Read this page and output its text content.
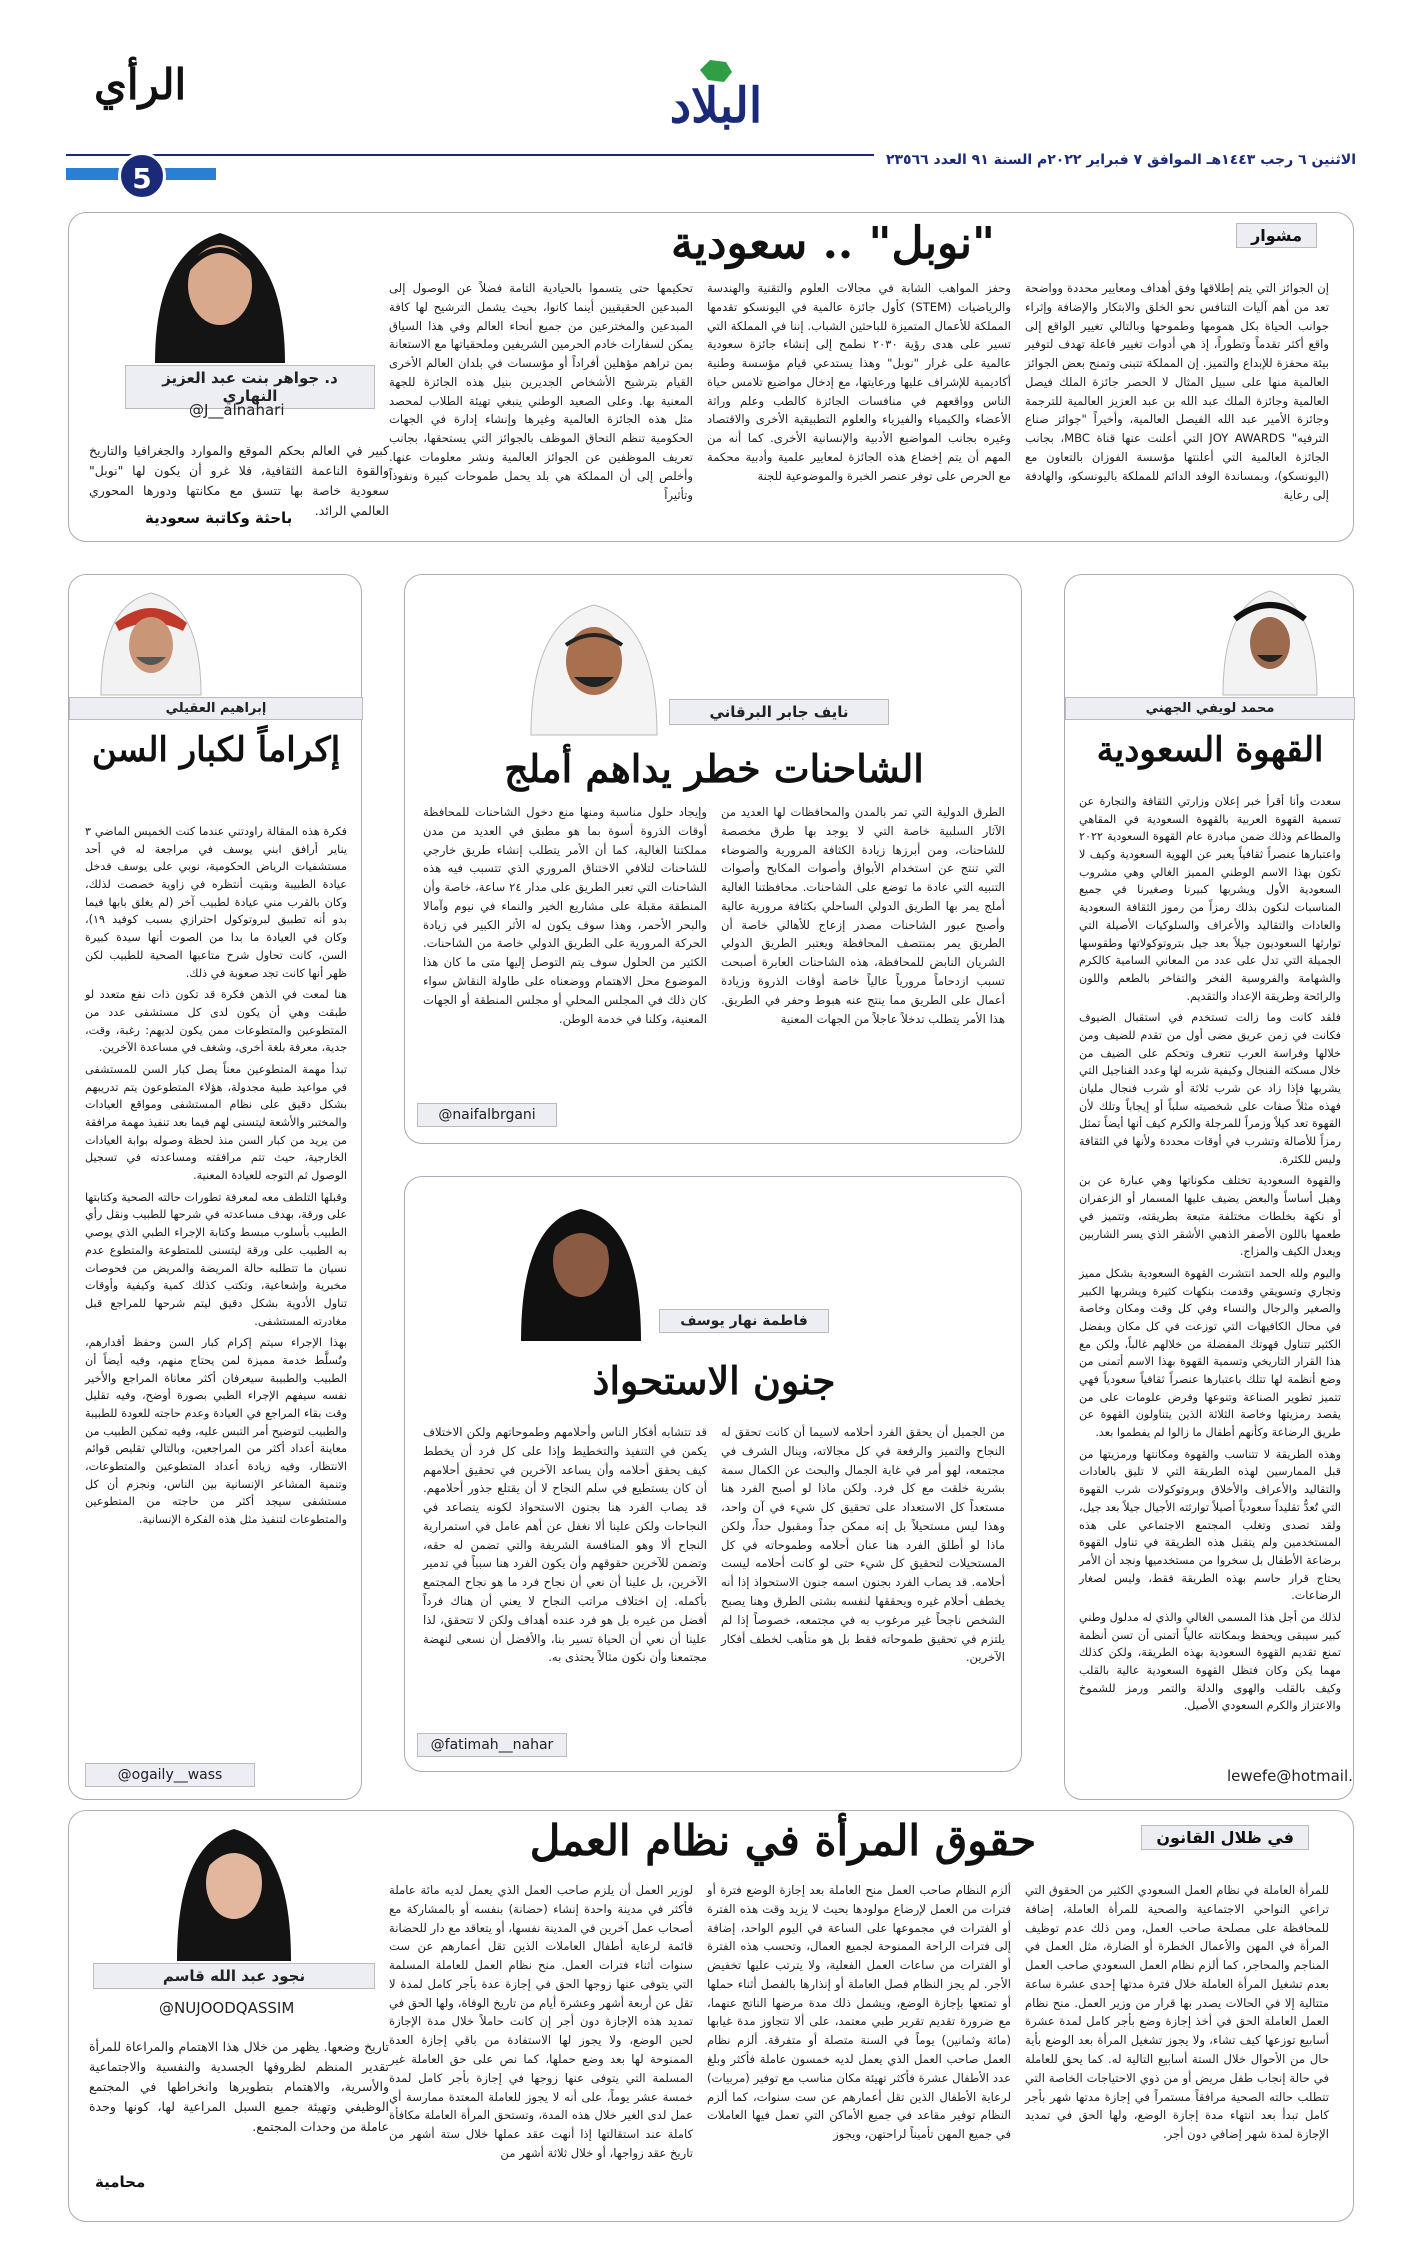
الاثنين ٦ رجب ١٤٤٣هـ الموافق ٧ فبراير ٢٠٢٢م السنة ٩١ العدد ٢٣٥٦٦
البلاد
الرأي
5
مشوار
"نوبل" .. سعودية
إن الجوائز التي يتم إطلاقها وفق أهداف ومعايير محددة وواضحة تعد من أهم آليات التنافس نحو الخلق والابتكار والإضافة وإثراء جوانب الحياة بكل همومها وطموحها وبالتالي تغيير الواقع إلى واقع أكثر تقدماً وتطوراً، إذ هي أدوات تغيير فاعلة تهدف لتوفير بيئة محفزة للإبداع والتميز. إن المملكة تتبنى وتمنح بعض الجوائز العالمية منها على سبيل المثال لا الحصر جائزة الملك فيصل العالمية وجائزة الملك عبد الله بن عبد العزيز العالمية للترجمة وجائزة الأمير عبد الله الفيصل العالمية، وأخيراً "جوائز صناع الترفيه" JOY AWARDS التي أعلنت عنها قناة MBC، بجانب الجائزة العالمية التي أعلنتها مؤسسة الفوزان بالتعاون مع (اليونسكو)، وبمساندة الوفد الدائم للمملكة باليونسكو، والهادفة إلى رعاية
وحفز المواهب الشابة في مجالات العلوم والتقنية والهندسة والرياضيات (STEM) كأول جائزة عالمية في اليونسكو تقدمها المملكة للأعمال المتميزة للباحثين الشباب. إننا في المملكة التي تسير على هدى رؤية ٢٠٣٠ نطمح إلى إنشاء جائزة سعودية عالمية على غرار "نوبل" وهذا يستدعي قيام مؤسسة وطنية أكاديمية للإشراف عليها ورعايتها، مع إدخال مواضيع تلامس حياة الناس وواقعهم في منافسات الجائزة كالطب وعلم وراثة الأعضاء والكيمياء والفيزياء والعلوم التطبيقية الأخرى والاقتصاد وغيره بجانب المواضيع الأدبية والإنسانية الأخرى. كما أنه من المهم أن يتم إخضاع هذه الجائزة لمعايير علمية وأدبية محكمة مع الحرص على توفر عنصر الخبرة والموضوعية للجنة
تحكيمها حتى يتسموا بالحيادية التامة فضلاً عن الوصول إلى المبدعين الحقيقيين أينما كانوا، بحيث يشمل الترشيح لها كافة المبدعين والمخترعين من جميع أنحاء العالم وفي هذا السياق يمكن لسفارات خادم الحرمين الشريفين وملحقياتها مع الاستعانة بمن تراهم مؤهلين أفراداً أو مؤسسات في بلدان العالم الأخرى القيام بترشيح الأشخاص الجديرين بنيل هذه الجائزة للجهة المعنية بها. وعلى الصعيد الوطني ينبغي تهيئة الطلاب لمحصد مثل هذه الجائزة العالمية وغيرها وإنشاء إدارة في الجهات الحكومية تنظم التحاق الموظف بالجوائز التي يستحقها، بجانب تعريف الموظفين عن الجوائز العالمية ونشر معلومات عنها. وأخلص إلى أن المملكة هي بلد يحمل طموحات كبيرة ونفوذاً وتأثيراً
د. جواهر بنت عبد العزيز النهاري
@J__alnahari
كبير في العالم بحكم الموقع والموارد والجغرافيا والتاريخ والقوة الناعمة الثقافية، فلا غرو أن يكون لها "نوبل" سعودية خاصة بها تتسق مع مكانتها ودورها المحوري العالمي الرائد.
باحثة وكاتبة سعودية
إبراهيم العقيلي
إكراماً لكبار السن

فكرة هذه المقالة راودتني عندما كنت الخميس الماضي ٣ يناير أرافق ابني يوسف في مراجعة له في أحد مستشفيات الرياض الحكومية، نوبي على يوسف فدخل عيادة الطبيبة وبقيت أنتظره في زاوية خصصت لذلك، وكان بالقرب مني عيادة لطبيب آخر (لم يغلق بابها فيما بدو أنه تطبيق لبروتوكول احترازي بسبب كوفيد ١٩)، وكان في العيادة ما بدا من الصوت أنها سيدة كبيرة السن، كانت تحاول شرح متاعبها الصحية للطبيب لكن ظهر أنها كانت تجد صعوبة في ذلك.

هنا لمعت في الذهن فكرة قد تكون ذات نفع متعدد لو طبقت وهي أن يكون لدى كل مستشفى عدد من المتطوعين والمتطوعات ممن يكون لديهم: رغبة، وقت، جدية، معرفة بلغة أخرى، وشغف في مساعدة الآخرين.

تبدأ مهمة المتطوعين معناً يصل كبار السن للمستشفى في مواعيد طبية مجدولة، هؤلاء المتطوعون يتم تدريبهم بشكل دقيق على نظام المستشفى ومواقع العيادات والمختبر والأشعة ليتسنى لهم فيما بعد تنفيذ مهمة مرافقة من يريد من كبار السن منذ لحظة وصوله بوابة العيادات الخارجية، حيث تتم مرافقته ومساعدته في تسجيل الوصول ثم التوجه للعيادة المعنية.

وقبلها التلطف معه لمعرفة تطورات حالته الصحية وكتابتها على ورقة، بهدف مساعدته في شرحها للطبيب ونقل رأي الطبيب بأسلوب مبسط وكتابة الإجراء الطبي الذي يوصي به الطبيب على ورقة ليتسنى للمتطوعة والمتطوع عدم نسيان ما تتطلبه حالة المريضة والمريض من فحوصات مخبرية وإشعاعية، وتكتب كذلك كمية وكيفية وأوقات تناول الأدوية بشكل دقيق ليتم شرحها للمراجع قبل مغادرته المستشفى.

بهذا الإجراء سيتم إكرام كبار السن وحفظ أقدارهم، وتُسلَّط خدمة مميزة لمن يحتاج منهم، وفيه أيضاً أن الطبيب والطبيبة سيعرفان أكثر معاناة المراجع والأخير نفسه سيفهم الإجراء الطبي بصورة أوضح، وفيه تقليل وقت بقاء المراجع في العيادة وعدم حاجته للعودة للطبيبة والطبيب لتوضيح أمر التبس عليه، وفيه تمكين الطبيب من معاينة أعداد أكثر من المراجعين، وبالتالي تقليص قوائم الانتظار، وفيه زيادة أعداد المتطوعين والمتطوعات، وتنمية المشاعر الإنسانية بين الناس، ونجزم أن كل مستشفى سيجد أكثر من حاجته من المتطوعين والمتطوعات لتنفيذ مثل هذه الفكرة الإنسانية.

@ogaily__wass
نايف جابر البرقاني
الشاحنات خطر يداهم أملج
الطرق الدولية التي تمر بالمدن والمحافظات لها العديد من الآثار السلبية خاصة التي لا يوجد بها طرق مخصصة للشاحنات، ومن أبرزها زيادة الكثافة المرورية والضوضاء التي تنتج عن استخدام الأبواق وأصوات المكابح وأصوات التنبيه التي عادة ما توضع على الشاحنات. محافظتنا الغالية أملج يمر بها الطريق الدولي الساحلي بكثافة مرورية عالية وأصبح عبور الشاحنات مصدر إزعاج للأهالي خاصة أن الطريق يمر بمنتصف المحافظة ويعتبر الطريق الدولي الشريان النابض للمحافظة، هذه الشاحنات العابرة أصبحت تسبب ازدحاماً مرورياً عالياً خاصة أوقات الذروة وزيادة أعمال على الطريق مما ينتج عنه هبوط وحفر في الطريق. هذا الأمر يتطلب تدخلاً عاجلاً من الجهات المعنية
وإيجاد حلول مناسبة ومنها منع دخول الشاحنات للمحافظة أوقات الذروة أسوة بما هو مطبق في العديد من مدن مملكتنا الغالية، كما أن الأمر يتطلب إنشاء طريق خارجي للشاحنات لتلافي الاختناق المروري الذي تتسبب فيه هذه الشاحنات التي تعبر الطريق على مدار ٢٤ ساعة، خاصة وأن المنطقة مقبلة على مشاريع الخير والنماء في نيوم وآمالا والبحر الأحمر، وهذا سوف يكون له الأثر الكبير في زيادة الحركة المرورية على الطريق الدولي خاصة من الشاحنات. الكثير من الحلول سوف يتم التوصل إليها متى ما كان هذا الموضوع محل الاهتمام ووضعناه على طاولة النقاش سواء كان ذلك في المجلس المحلي أو مجلس المنطقة أو الجهات المعنية، وكلنا في خدمة الوطن.
@naifalbrgani
فاطمة نهار يوسف
جنون الاستحواذ
من الجميل أن يحقق الفرد أحلامه لاسيما أن كانت تحقق له النجاح والتميز والرفعة في كل مجالاته، وينال الشرف في مجتمعه، لهو أمر في غاية الجمال والبحث عن الكمال سمة بشرية خلقت مع كل فرد. ولكن ماذا لو أصبح الفرد هنا مستعداً كل الاستعداد على تحقيق كل شيء في آن واحد، وهذا ليس مستحيلاً بل إنه ممكن جداً ومقبول حداً، ولكن ماذا لو أطلق الفرد هنا عنان أحلامه وطموحاته في كل المستحيلات لتحقيق كل شيء حتى لو كانت أحلامه ليست أحلامه. قد يصاب الفرد بجنون اسمه جنون الاستحواذ إذا أنه يخطف أحلام غيره ويحققها لنفسه بشتى الطرق وهنا يصبح الشخص ناجحاً غير مرغوب به في مجتمعه، خصوصاً إذا لم يلتزم في تحقيق طموحاته فقط بل هو متأهب لخطف أفكار الآخرين.
قد تتشابه أفكار الناس وأحلامهم وطموحاتهم ولكن الاختلاف يكمن في التنفيذ والتخطيط وإذا على كل فرد أن يخطط كيف يحقق أحلامه وأن يساعد الآخرين في تحقيق أحلامهم أن كان يستطيع في سلم النجاح لا أن يقتلع جذور أحلامهم. قد يصاب الفرد هنا بجنون الاستحواذ لكونه يتصاعد في النجاحات ولكن علينا ألا نغفل عن أهم عامل في استمرارية النجاح ألا وهو المنافسة الشريفة والتي تضمن له حقه، وتضمن للآخرين حقوقهم وأن يكون الفرد هنا سبباً في تدمير الآخرين، بل علينا أن نعي أن نجاح فرد ما هو نجاح المجتمع بأكمله. إن اختلاف مراتب النجاح لا يعني أن هناك فرداً أفضل من غيره بل هو فرد عنده أهداف ولكن لا تتحقق، لذا علينا أن نعي أن الحياة تسير بنا، والأفضل أن نسعى لنهضة مجتمعنا وأن نكون مثالاً يحتذى به.
@fatimah__nahar
محمد لويفي الجهني
القهوة السعودية

سعدت وأنا أقرأ خبر إعلان وزارتي الثقافة والتجارة عن تسمية القهوة العربية بالقهوة السعودية في المقاهي والمطاعم وذلك ضمن مبادرة عام القهوة السعودية ٢٠٢٢ واعتبارها عنصراً ثقافياً يعبر عن الهوية السعودية وكيف لا تكون بهذا الاسم الوطني المميز الغالي وهي مشروب السعودية الأول ويشربها كبيرنا وصغيرنا في جميع المناسبات لنكون بذلك رمزاً من رموز الثقافة السعودية والعادات والتقاليد والأعراف والسلوكيات الأصيلة التي توارثها السعوديون جيلاً بعد جيل بتروتوكولاتها وطقوسها الجميلة التي تدل على عدد من المعاني السامية كالكرم والشهامة والفروسية الفخر والتفاخر بالطعم واللون والرائحة وطريقة الإعداد والتقديم.

فلقد كانت وما زالت تستخدم في استقبال الضيوف فكانت في زمن عريق مضى أول من تقدم للضيف ومن خلالها وفراسة العرب تتعرف وتحكم على الضيف من خلال مسكته الفنجال وكيفية شربه لها وعدد الفناجيل التي يشربها فإذا زاد عن شرب ثلاثة أو شرب فنجال مليان فهذه مثلاً صفات على شخصيته سلباً أو إيجاباً وتلك لأن القهوة تعد كيلاً وزمراً للمرجلة والكرم كيف أنها أيضاً تمثل رمزاً للأصالة وتشرب في أوقات محددة ولأنها في الثقافة وليس للكثرة.

والقهوة السعودية تختلف مكوناتها وهي عبارة عن بن وهيل أساساً والبعض يضيف عليها المسمار أو الزعفران أو نكهة بخلطات مختلفة متبعة بطريقته، وتتميز في طعمها باللون الأصفر الذهبي الأشقر الذي يسر الشاربين ويعدل الكيف والمزاج.

واليوم ولله الحمد انتشرت القهوة السعودية بشكل مميز وتجاري وتسويقي وقدمت بنكهات كثيرة ويشربها الكبير والصغير والرجال والنساء وفي كل وقت ومكان وخاصة في محال الكافيهات التي توزعت في كل مكان وبفضل الكثير تتناول قهوتك المفضلة من خلالهم غالباً، ولكن مع هذا القرار التاريخي وتسمية القهوة بهذا الاسم أتمنى من وضع أنظمة لها تتلك باعتبارها عنصراً ثقافياً سعودياً فهي تتميز تطوير الصناعة وتنوعها وفرض علومات على من يقصد رمزيتها وخاصة الثلاثة الذين يتناولون القهوة عن طريق الرضاعة وكأنهم أطفال ما زالوا لم يفطموا بعد.

وهذه الطريقة لا تتناسب والقهوة ومكانتها ورمزيتها من قبل الممارسين لهذه الطريقة التي لا تليق بالعادات والتقاليد والأعراف والأخلاق وبروتوكولات شرب القهوة التي تُعدُّ تقليداً سعودياً أصيلاً توارثته الأجيال جيلاً بعد جيل، ولقد تصدى وتغلب المجتمع الاجتماعي على هذه المستخدمين ولم يتقبل هذه الطريقة في تناول القهوة برضاعة الأطفال بل سخروا من مستخدميها ونجد أن الأمر يحتاج قرار حاسم بهذه الطريقة فقط، وليس لصغار الرضاعات.

لذلك من أجل هذا المسمى الغالي والذي له مدلول وطني كبير سيبقى ويحفظ وبمكانته عالياً أتمنى أن تسن أنظمة تمنع تقديم القهوة السعودية بهذه الطريقة، ولكن كذلك مهما يكن وكان فتظل القهوة السعودية عالية بالقلب وكيف بالقلب والهوى والدلة والتمر ورمز للشموخ والاعتزاز والكرم السعودي الأصيل.

lewefe@hotmail.
في ظلال القانون
حقوق المرأة في نظام العمل
للمرأة العاملة في نظام العمل السعودي الكثير من الحقوق التي تراعي النواحي الاجتماعية والصحية للمرأة العاملة، إضافة للمحافظة على مصلحة صاحب العمل، ومن ذلك عدم توظيف المرأة في المهن والأعمال الخطرة أو الضارة، مثل العمل في المناجم والمحاجر، كما ألزم نظام العمل السعودي صاحب العمل بعدم تشغيل المرأة العاملة خلال فترة مدتها إحدى عشرة ساعة متتالية إلا في الحالات يصدر بها قرار من وزير العمل. منح نظام العمل العاملة الحق في أخذ إجازة وضع بأجر كامل لمدة عشرة أسابيع توزعها كيف تشاء، ولا يجوز تشغيل المرأة بعد الوضع بأية حال من الأحوال خلال الستة أسابيع التالية له. كما يحق للعاملة في حالة إنجاب طفل مريض أو من ذوي الاحتياجات الخاصة التي تتطلب حالته الصحية مرافقاً مستمراً في إجازة مدتها شهر بأجر كامل تبدأ بعد انتهاء مدة إجازة الوضع، ولها الحق في تمديد الإجازة لمدة شهر إضافي دون أجر.
ألزم النظام صاحب العمل منح العاملة بعد إجازة الوضع فترة أو فترات من العمل لإرضاع مولودها بحيث لا يزيد وقت هذه الفترة أو الفترات في مجموعها على الساعة في اليوم الواحد، إضافة إلى فترات الراحة الممنوحة لجميع العمال، وتحسب هذه الفترة أو الفترات من ساعات العمل الفعلية، ولا يترتب عليها تخفيض الأجر. لم يجز النظام فصل العاملة أو إنذارها بالفصل أثناء حملها أو تمتعها بإجازة الوضع، ويشمل ذلك مدة مرضها الناتج عنهما، مع ضرورة تقديم تقرير طبي معتمد، على ألا تتجاوز مدة غيابها (مائة وثمانين) يوماً في السنة متصلة أو متفرقة. ألزم نظام العمل صاحب العمل الذي يعمل لديه خمسون عاملة فأكثر وبلغ عدد الأطفال عشرة فأكثر تهيئة مكان مناسب مع توفير (مربيات) لرعاية الأطفال الذين تقل أعمارهم عن ست سنوات، كما ألزم النظام توفير مقاعد في جميع الأماكن التي تعمل فيها العاملات في جميع المهن تأميناً لراحتهن، ويجوز
لوزير العمل أن يلزم صاحب العمل الذي يعمل لديه مائة عاملة فأكثر في مدينة واحدة إنشاء (حضانة) بنفسه أو بالمشاركة مع أصحاب عمل آخرين في المدينة نفسها، أو يتعاقد مع دار للحضانة قائمة لرعاية أطفال العاملات الذين تقل أعمارهم عن ست سنوات أثناء فترات العمل. منح نظام العمل للعاملة المسلمة التي يتوفى عنها زوجها الحق في إجازة عدة بأجر كامل لمدة لا تقل عن أربعة أشهر وعشرة أيام من تاريخ الوفاة، ولها الحق في تمديد هذه الإجازة دون أجر إن كانت حاملاً خلال مدة الإجازة لحين الوضع، ولا يجوز لها الاستفادة من باقي إجازة العدة الممنوحة لها بعد وضع حملها، كما نص على حق العاملة غير المسلمة التي يتوفى عنها زوجها في إجازة بأجر كامل لمدة خمسة عشر يوماً، على أنه لا يجوز للعاملة المعتدة ممارسة أي عمل لدى الغير خلال هذه المدة، وتستحق المرأة العاملة مكافأة كاملة عند استقالتها إذا أنهت عقد عملها خلال ستة أشهر من تاريخ عقد زواجها، أو خلال ثلاثة أشهر من
نجود عبد الله قاسم
@NUJOODQASSIM
تاريخ وضعها. يظهر من خلال هذا الاهتمام والمراعاة للمرأة تقدير المنظم لظروفها الجسدية والنفسية والاجتماعية والأسرية، والاهتمام بتطويرها وانخراطها في المجتمع الوظيفي وتهيئة جميع السبل المراعية لها، كونها وحدة عاملة من وحدات المجتمع.
محامية
